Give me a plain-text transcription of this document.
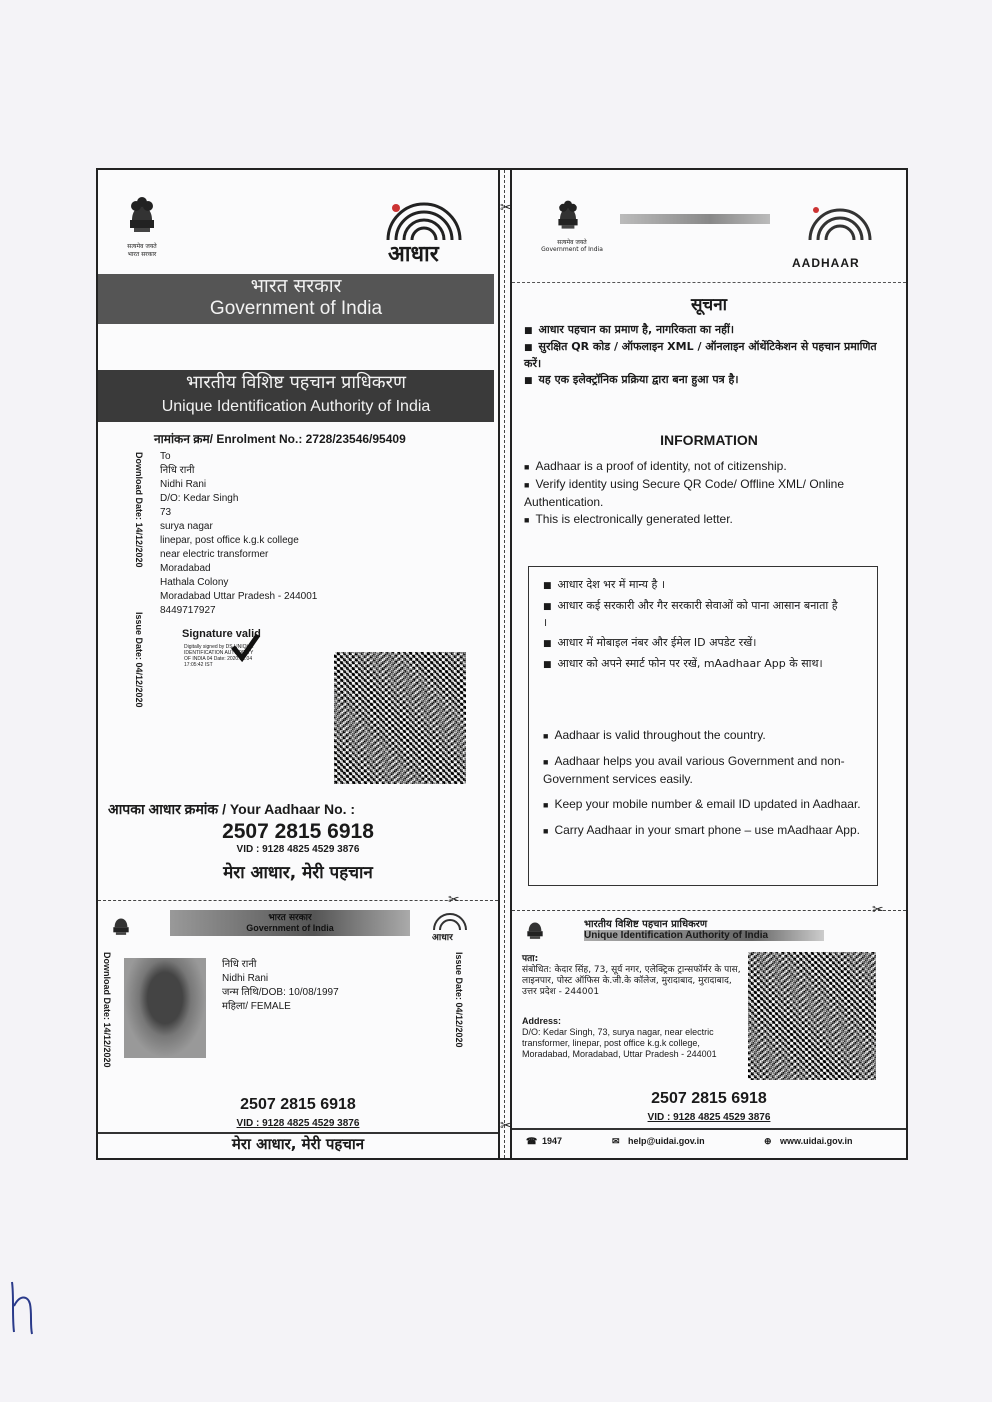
सत्यमेव जयते
भारत सरकार	आधार
भारत सरकार
Government of India
भारतीय विशिष्ट पहचान प्राधिकरण
Unique Identification Authority of India
नामांकन क्रम/ Enrolment No.: 2728/23546/95409
Download Date: 14/12/2020
Issue Date: 04/12/2020
To
निधि रानी
Nidhi Rani
D/O: Kedar Singh
73
surya nagar
linepar, post office k.g.k college
near electric transformer
Moradabad
Hathala Colony
Moradabad Uttar Pradesh - 244001
8449717927
Signature valid
Digitally signed by DS UNIQUE IDENTIFICATION AUTHORITY OF INDIA 04 Date: 2020.12.04 17:05:42 IST
आपका आधार क्रमांक / Your Aadhaar No. :
2507 2815 6918
VID : 9128 4825 4529 3876
मेरा आधार, मेरी पहचान
✂
भारत सरकार
Government of India
आधार
Download Date: 14/12/2020	Issue Date: 04/12/2020
निधि रानी
Nidhi Rani
जन्म तिथि/DOB: 10/08/1997
महिला/ FEMALE
2507 2815 6918
VID : 9128 4825 4529 3876
मेरा आधार, मेरी पहचान
✂
✂
सत्यमेव जयते
Government of India
AADHAAR
सूचना
■ आधार पहचान का प्रमाण है, नागरिकता का नहीं।
■ सुरक्षित QR कोड / ऑफलाइन XML / ऑनलाइन ऑथेंटिकेशन से पहचान प्रमाणित करें।
■ यह एक इलेक्ट्रॉनिक प्रक्रिया द्वारा बना हुआ पत्र है।
INFORMATION
■ Aadhaar is a proof of identity, not of citizenship.
■ Verify identity using Secure QR Code/ Offline XML/ Online Authentication.
■ This is electronically generated letter.
■ आधार देश भर में मान्य है ।
■ आधार कई सरकारी और गैर सरकारी सेवाओं को पाना आसान बनाता है ।
■ आधार में मोबाइल नंबर और ईमेल ID अपडेट रखें।
■ आधार को अपने स्मार्ट फोन पर रखें, mAadhaar App के साथ।
■ Aadhaar is valid throughout the country.
■ Aadhaar helps you avail various Government and non-Government services easily.
■ Keep your mobile number & email ID updated in Aadhaar.
■ Carry Aadhaar in your smart phone – use mAadhaar App.
✂
भारतीय विशिष्ट पहचान प्राधिकरण
Unique Identification Authority of India
पता:
संबोधित: केदार सिंह, 73, सूर्य नगर, एलेक्ट्रिक ट्रान्सफॉर्मर के पास, लाइनपार, पोस्ट ऑफिस के.जी.के कॉलेज, मुरादाबाद, मुरादाबाद, उत्तर प्रदेश - 244001
Address:
D/O: Kedar Singh, 73, surya nagar, near electric transformer, linepar, post office k.g.k college, Moradabad, Moradabad, Uttar Pradesh - 244001
2507 2815 6918
VID : 9128 4825 4529 3876
☎ 1947	✉ help@uidai.gov.in	⊕ www.uidai.gov.in
